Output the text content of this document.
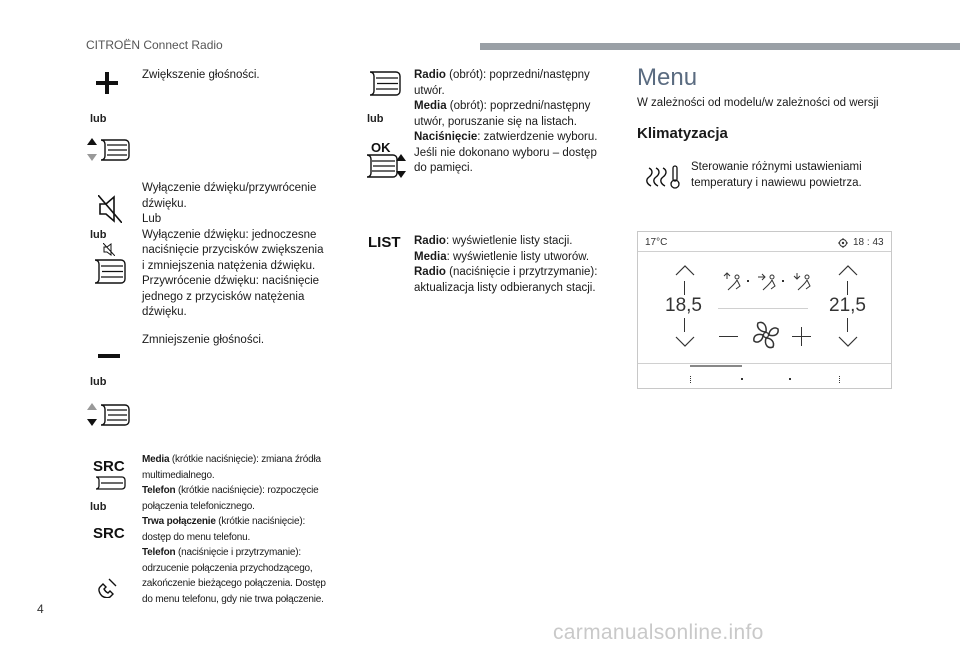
CITROËN Connect Radio
Zwiększenie głośności.
lub
lub
Wyłączenie dźwięku/przywrócenie
dźwięku.
Lub
Wyłączenie dźwięku: jednoczesne
naciśnięcie przycisków zwiększenia
i zmniejszenia natężenia dźwięku.
Przywrócenie dźwięku: naciśnięcie
jednego z przycisków natężenia
dźwięku.
Zmniejszenie głośności.
lub
SRC
lub
SRC
Media (krótkie naciśnięcie): zmiana źródła
multimedialnego.
Telefon (krótkie naciśnięcie): rozpoczęcie
połączenia telefonicznego.
Trwa połączenie (krótkie naciśnięcie):
dostęp do menu telefonu.
Telefon (naciśnięcie i przytrzymanie):
odrzucenie połączenia przychodzącego,
zakończenie bieżącego połączenia. Dostęp
do menu telefonu, gdy nie trwa połączenie.
lub
OK
Radio (obrót): poprzedni/następny
utwór.
Media (obrót): poprzedni/następny
utwór, poruszanie się na listach.
Naciśnięcie: zatwierdzenie wyboru.
Jeśli nie dokonano wyboru – dostęp
do pamięci.
LIST Radio: wyświetlenie listy stacji.
Media: wyświetlenie listy utworów.
Radio (naciśnięcie i przytrzymanie):
aktualizacja listy odbieranych stacji.
Menu
W zależności od modelu/w zależności od wersji
Klimatyzacja
Sterowanie różnymi ustawieniami temperatury i nawiewu powietrza.
17°C	18 : 43
18,5	21,5
4
carmanualsonline.info
